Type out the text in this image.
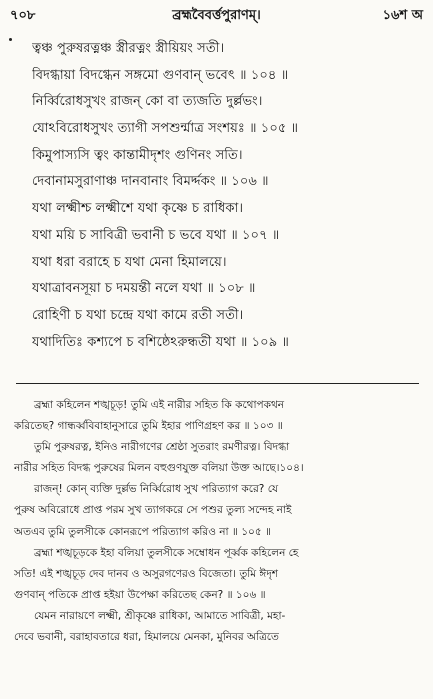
৭০৮	ব্রহ্মবৈবর্ত্তপুরাণম্।	১৬শ অ
ত্বঞ্চ পুরুষরত্নঞ্চ স্ত্রীরত্নং স্ত্রীয়িয়ং সতী।
বিদগ্ধায়া বিদগ্ধেন সঙ্গমো গুণবান্ ভবেৎ ॥ ১০৪ ॥
নির্ব্বিরোধসুখং রাজন্ কো বা ত্যজতি দুর্ল্লভং।
যোঽবিরোধসুখং ত্যাগী সপশুর্ন্মাত্র সংশয়ঃ ॥ ১০৫ ॥
কিমুপাস্যসি ত্বং কান্তামীদৃশং গুণিনং সতি।
দেবানামসুরাণাঞ্চ দানবানাং বিমর্দ্দকং ॥ ১০৬ ॥
যথা লক্ষ্মীশ্চ লক্ষ্মীশে যথা কৃষ্ণে চ রাধিকা।
যথা ময়ি চ সাবিত্রী ভবানী চ ভবে যথা ॥ ১০৭ ॥
যথা ধরা বরাহে চ যথা মেনা হিমালয়ে।
যথাত্রাবনসূয়া চ দময়ন্তী নলে যথা ॥ ১০৮ ॥
রোহিণী চ যথা চন্দ্রে যথা কামে রতী সতী।
যথাদিতিঃ কশ্যপে চ বশিষ্ঠেঽরুন্ধতী যথা ॥ ১০৯ ॥
ব্রহ্মা কহিলেন শঙ্খচূড়! তুমি এই নারীর সহিত কি কথোপকথন
করিতেছ? গান্ধর্ব্ববিবাহানুসারে তুমি ইহার পাণিগ্রহণ কর ॥ ১০৩ ॥
তুমি পুরুষরত্ন, ইনিও নারীগণের শ্রেষ্ঠা সুতরাং রমণীরত্ন। বিদগ্ধা
নারীর সহিত বিদগ্ধ পুরুষের মিলন বহুগুণযুক্ত বলিয়া উক্ত আছে।১০৪।
রাজন্! কোন্ ব্যক্তি দুর্ল্লভ নির্ব্বিরোধ সুখ পরিত্যাগ করে? যে
পুরুষ অবিরোধে প্রাপ্ত পরম সুখ ত্যাগকরে সে পশুর তুল্য সন্দেহ নাই
অতএব তুমি তুলসীকে কোনরূপে পরিত্যাগ করিও না ॥ ১০৫ ॥
ব্রহ্মা শঙ্খচূড়কে ইহা বলিয়া তুলসীকে সম্বোধন পূর্ব্বক কহিলেন হে
সতি! এই শঙ্খচূড় দেব দানব ও অসুরগণেরও বিজেতা। তুমি ঈদৃশ
গুণবান্ পতিকে প্রাপ্ত হইয়া উপেক্ষা করিতেছ কেন? ॥ ১০৬ ॥
যেমন নারায়ণে লক্ষ্মী, শ্রীকৃষ্ণে রাধিকা, আমাতে সাবিত্রী, মহা-
দেবে ভবানী, বরাহাবতারে ধরা, হিমালয়ে মেনকা, মুনিবর অত্রিতে
